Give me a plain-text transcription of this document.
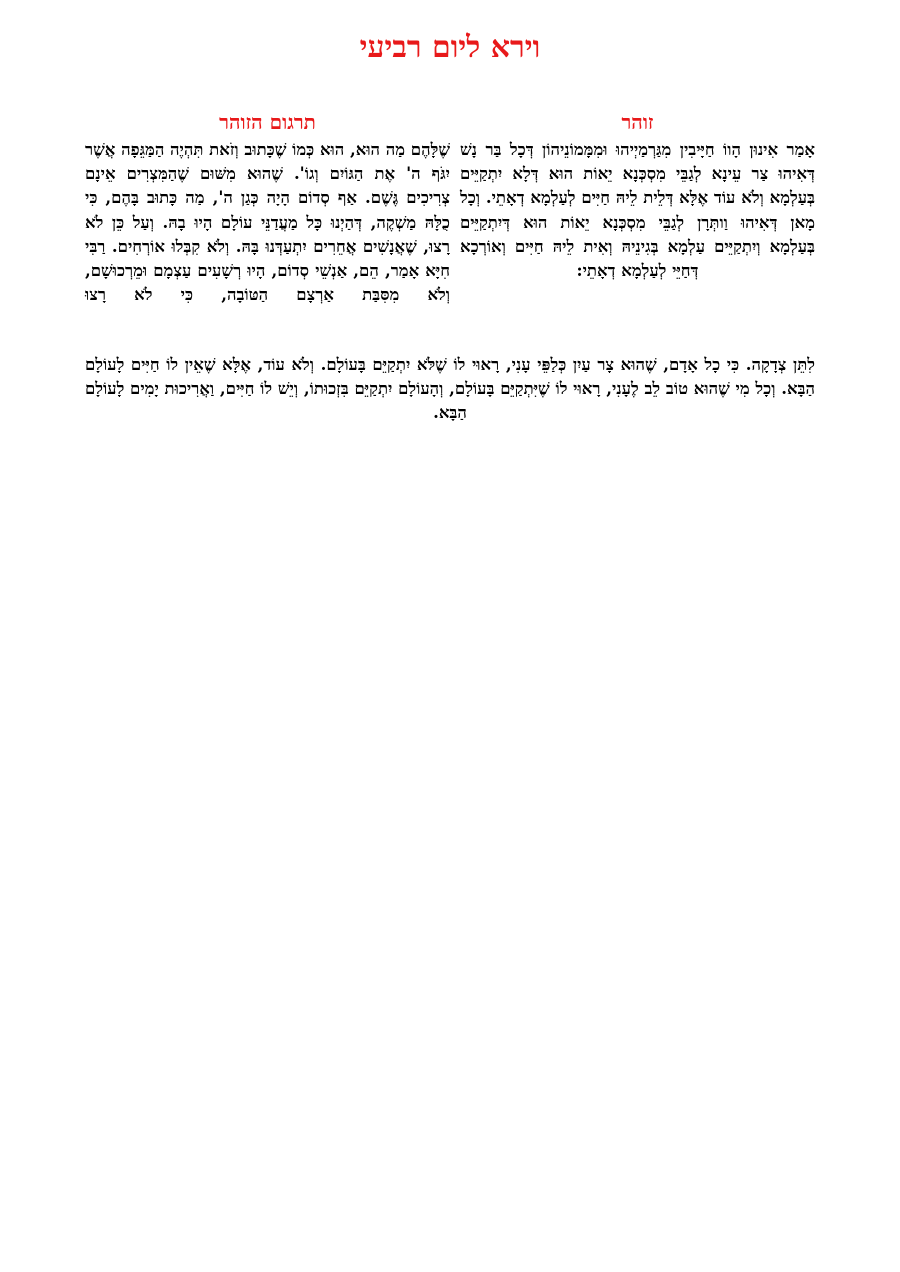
וירא ליום רביעי
זוהר
תרגום הזוהר

אָמַר אִינוּן הָווֹ חַיָּיבִין מִגַּרְמַיְיהוּ וּמִמָּמוֹנֵיהוֹן דְּכָל בַּר נָשׁ דְּאִיהוּ צַר עֵינָא לְגַבֵּי מִסְכְּנָא יֵאוֹת הוּא דְּלָא יִתְקַיֵּים בְּעַלְמָא וְלֹא עוֹד אֶלָּא דְּלֵית לֵיהּ חַיִּים לְעַלְמָא דְאָתֵי. וְכָל מָאן דְּאִיהוּ וַותְּרָן לְגַבֵּי מִסְכְּנָא יֵאוֹת הוּא דְּיִתְקַיֵּים בְּעַלְמָא וְיִתְקַיֵּים עַלְמָא בְּגִינֵיהּ וְאִית לֵיהּ חַיִּים וְאוֹרְכָא דְּחַיֵּי לְעַלְמָא דְאָתֵי:

שֶׁלָּהֶם מַה הוּא, הוּא כְּמוֹ שֶׁכָּתוּב וְזֹאת תִּהְיֶה הַמַּגֵּפָה אֲשֶׁר יִגֹּף ה' אֶת הַגּוֹיִם וְגוֹ'. שֶׁהוּא מִשּׁוּם שֶׁהַמִּצְרִים אֵינָם צְרִיכִים גֶּשֶׁם. אַף סְדוֹם הָיָה כְּגַן ה', מַה כָּתוּב בָּהֶם, כִּי כֻלָּהּ מַשְׁקֶה, דְּהַיְנוּ כָּל מַעֲדַנֵּי עוֹלָם הָיוּ בָהּ. וְעַל כֵּן לֹא רָצוּ, שֶׁאֲנָשִׁים אֲחֵרִים יִתְעַדְּנוּ בָּהּ. וְלֹא קִבְּלוּ אוֹרְחִים. רַבִּי חִיָּא אָמַר, הֵם, אַנְשֵׁי סְדוֹם, הָיוּ רְשָׁעִים עַצְמָם וּמֵרְכוּשָׁם, וְלֹא מִסִּבַּת אַרְצָם הַטּוֹבָה, כִּי לֹא רָצוּ

לִתֵּן צְדָקָה. כִּי כָל אָדָם, שֶׁהוּא צָר עַיִן כְּלַפֵּי עָנִי, רָאוּי לוֹ שֶׁלֹּא יִתְקַיֵּם בָּעוֹלָם. וְלֹא עוֹד, אֶלָּא שֶׁאֵין לוֹ חַיִּים לָעוֹלָם הַבָּא. וְכָל מִי שֶׁהוּא טוֹב לֵב לֶעָנִי, רָאוּי לוֹ שֶׁיִּתְקַיֵּם בָּעוֹלָם, וְהָעוֹלָם יִתְקַיֵּם בִּזְכוּתוֹ, וְיֵשׁ לוֹ חַיִּים, וַאֲרִיכוּת יָמִים לָעוֹלָם הַבָּא.
